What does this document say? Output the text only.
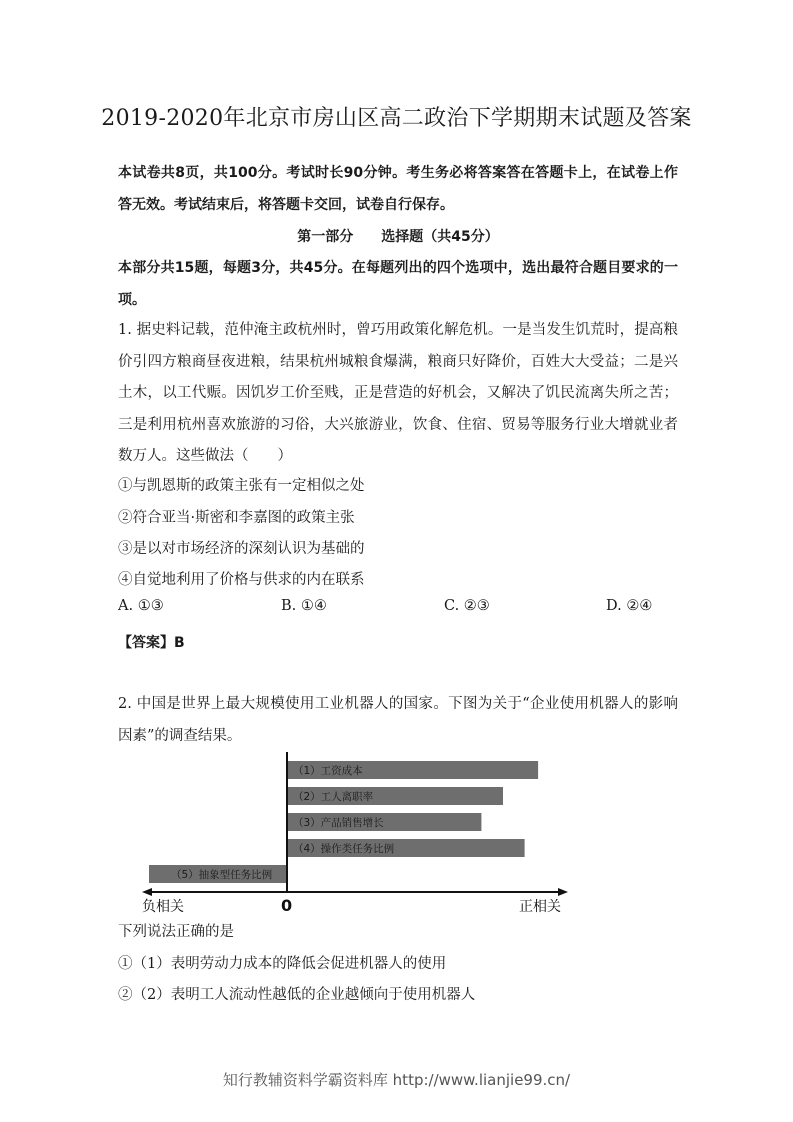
2019-2020年北京市房山区高二政治下学期期末试题及答案
本试卷共8页，共100分。考试时长90分钟。考生务必将答案答在答题卡上，在试卷上作答无效。考试结束后，将答题卡交回，试卷自行保存。
第一部分　　选择题（共45分）
本部分共15题，每题3分，共45分。在每题列出的四个选项中，选出最符合题目要求的一项。
1. 据史料记载，范仲淹主政杭州时，曾巧用政策化解危机。一是当发生饥荒时，提高粮价引四方粮商昼夜进粮，结果杭州城粮食爆满，粮商只好降价，百姓大大受益；二是兴土木，以工代赈。因饥岁工价至贱，正是营造的好机会，又解决了饥民流离失所之苦；三是利用杭州喜欢旅游的习俗，大兴旅游业，饮食、住宿、贸易等服务行业大增就业者数万人。这些做法（　　）
①与凯恩斯的政策主张有一定相似之处
②符合亚当·斯密和李嘉图的政策主张
③是以对市场经济的深刻认识为基础的
④自觉地利用了价格与供求的内在联系
A. ①③	B. ①④	C. ②③	D. ②④
【答案】B
2. 中国是世界上最大规模使用工业机器人的国家。下图为关于“企业使用机器人的影响因素”的调查结果。
（1）工资成本
（2）工人离职率
（3）产品销售增长
（4）操作类任务比例
（5）抽象型任务比例
负相关	0	正相关
下列说法正确的是
①（1）表明劳动力成本的降低会促进机器人的使用
②（2）表明工人流动性越低的企业越倾向于使用机器人
知行教辅资料学霸资料库 http://www.lianjie99.cn/
